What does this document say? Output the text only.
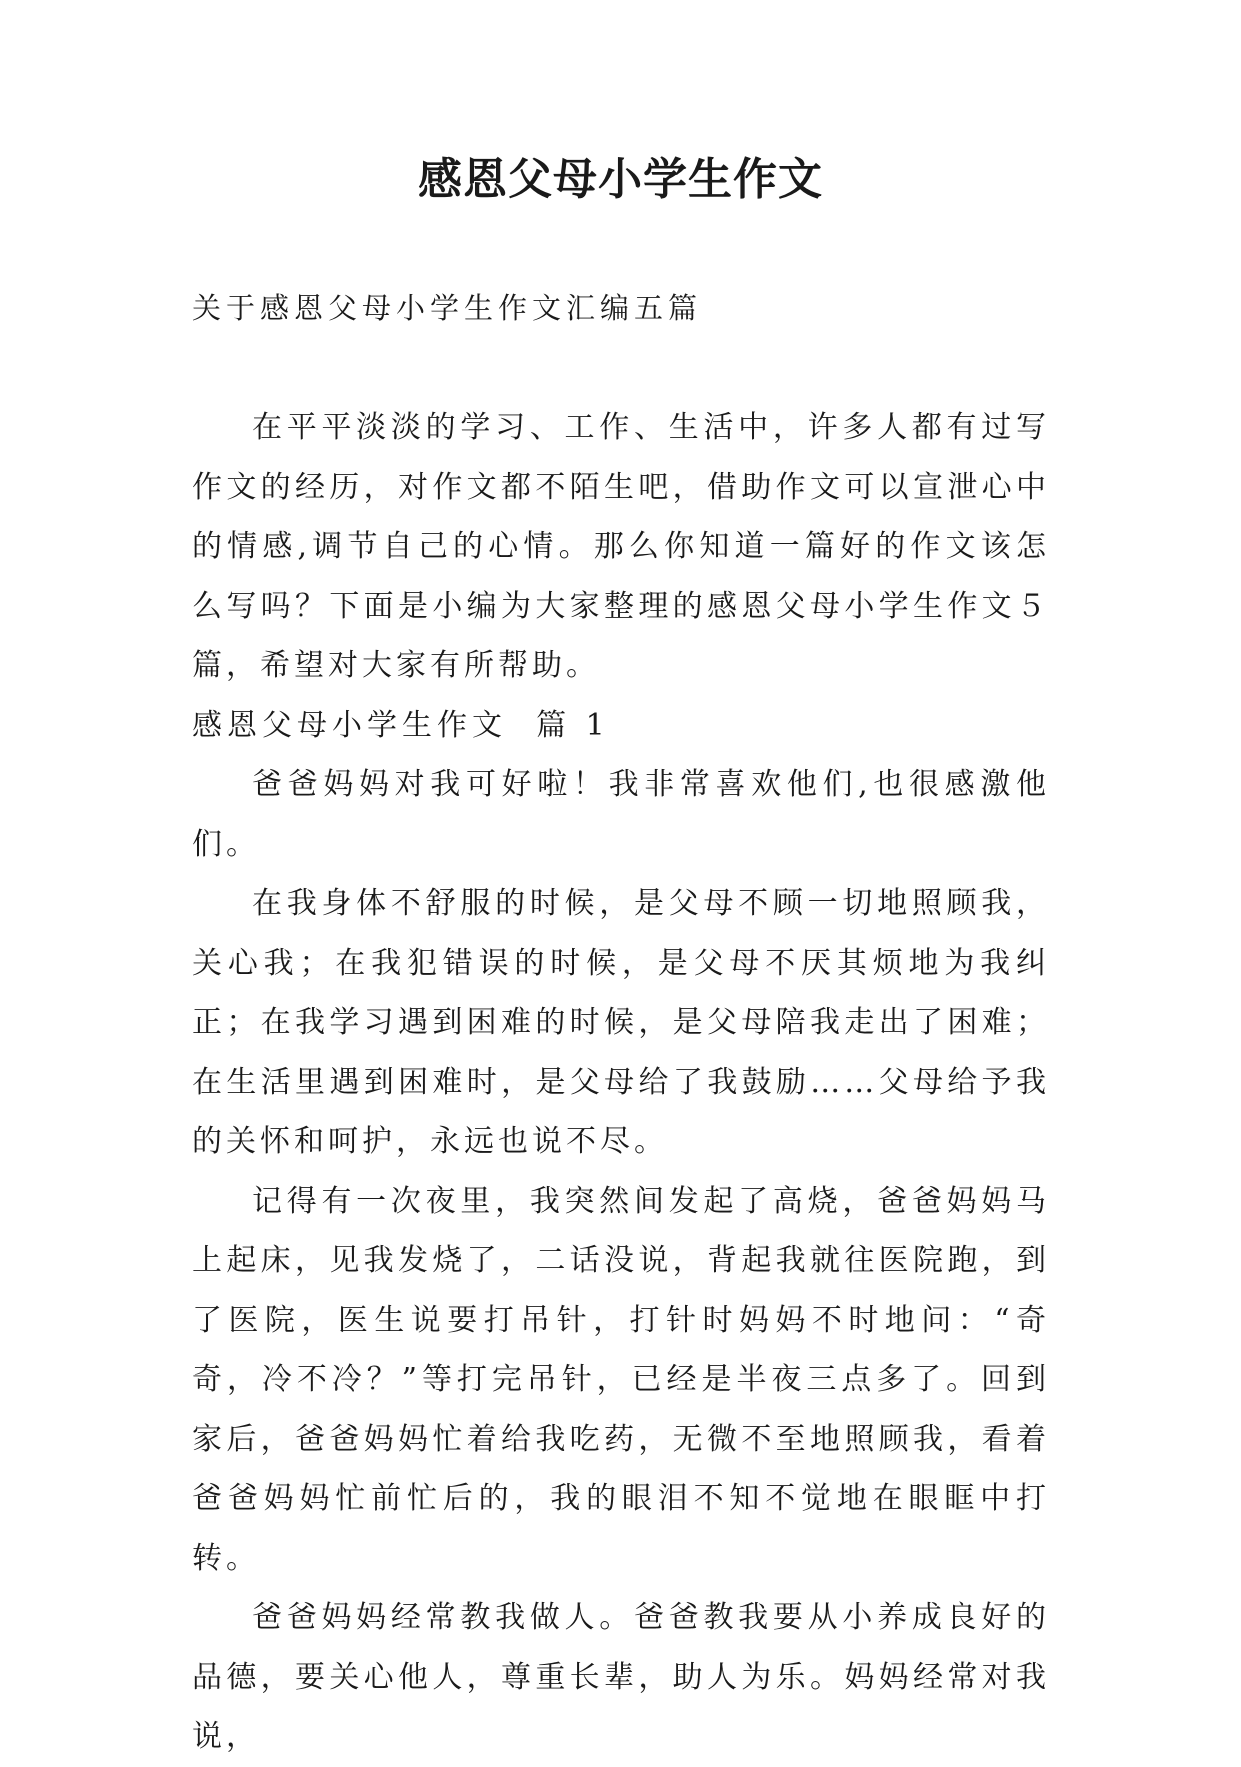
感恩父母小学生作文

关于感恩父母小学生作文汇编五篇

在平平淡淡的学习、工作、生活中，许多人都有过写作文的经历，对作文都不陌生吧，借助作文可以宣泄心中的情感,调节自己的心情。那么你知道一篇好的作文该怎么写吗？下面是小编为大家整理的感恩父母小学生作文５篇，希望对大家有所帮助。

感恩父母小学生作文  篇 1

爸爸妈妈对我可好啦！我非常喜欢他们,也很感激他们。

在我身体不舒服的时候，是父母不顾一切地照顾我，关心我；在我犯错误的时候，是父母不厌其烦地为我纠正；在我学习遇到困难的时候，是父母陪我走出了困难；在生活里遇到困难时，是父母给了我鼓励……父母给予我的关怀和呵护，永远也说不尽。

记得有一次夜里，我突然间发起了高烧，爸爸妈妈马上起床，见我发烧了，二话没说，背起我就往医院跑，到了医院，医生说要打吊针，打针时妈妈不时地问：“奇奇，冷不冷？”等打完吊针，已经是半夜三点多了。回到家后，爸爸妈妈忙着给我吃药，无微不至地照顾我，看着爸爸妈妈忙前忙后的，我的眼泪不知不觉地在眼眶中打转。

爸爸妈妈经常教我做人。爸爸教我要从小养成良好的品德，要关心他人，尊重长辈，助人为乐。妈妈经常对我说，
